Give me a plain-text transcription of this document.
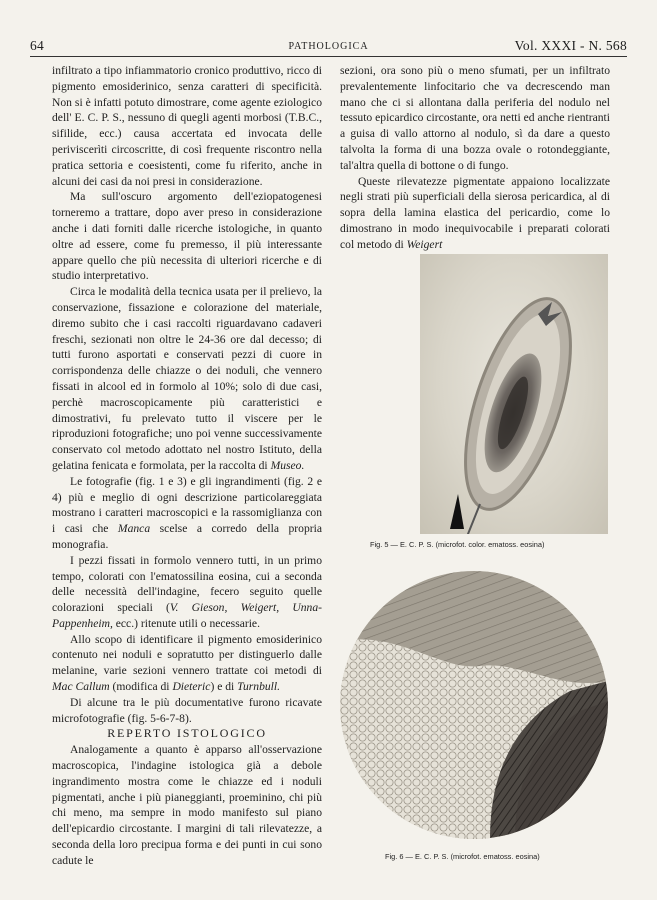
64	PATHOLOGICA	Vol. XXXI - N. 568

infiltrato a tipo infiammatorio cronico produttivo, ricco di pigmento emosiderinico, senza caratteri di specificità. Non si è infatti potuto dimostrare, come agente eziologico dell' E. C. P. S., nessuno di quegli agenti morbosi (T.B.C., sifilide, ecc.) causa accertata ed invocata delle periviscerìti circoscritte, di così frequente riscontro nella pratica settoria e coesistenti, come fu riferito, anche in alcuni dei casi da noi presi in considerazione.

Ma sull'oscuro argomento dell'eziopatogenesi torneremo a trattare, dopo aver preso in considerazione anche i dati forniti dalle ricerche istologiche, in quanto oltre ad essere, come fu premesso, il più interessante appare quello che più necessita di ulteriori ricerche e di studio interpretativo.

Circa le modalità della tecnica usata per il prelievo, la conservazione, fissazione e colorazione del materiale, diremo subito che i casi raccolti riguardavano cadaveri freschi, sezionati non oltre le 24-36 ore dal decesso; di tutti furono asportati e conservati pezzi di cuore in corrispondenza delle chiazze o dei noduli, che vennero fissati in alcool ed in formolo al 10%; solo di due casi, perchè macroscopicamente più caratteristici e dimostrativi, fu prelevato tutto il viscere per le riproduzioni fotografiche; uno poi venne successivamente conservato col metodo adottato nel nostro Istituto, della gelatina fenicata e formolata, per la raccolta di Museo.

Le fotografie (fig. 1 e 3) e gli ingrandimenti (fig. 2 e 4) più e meglio di ogni descrizione particolareggiata mostrano i caratteri macroscopici e la rassomiglianza con i casi che Manca scelse a corredo della propria monografia.

I pezzi fissati in formolo vennero tutti, in un primo tempo, colorati con l'ematossilina eosina, cui a seconda delle necessità dell'indagine, fecero seguito quelle colorazioni speciali (V. Gieson, Weigert, Unna-Pappenheim, ecc.) ritenute utili o necessarie.

Allo scopo di identificare il pigmento emosiderinico contenuto nei noduli e sopratutto per distinguerlo dalle melanine, varie sezioni vennero trattate coi metodi di Mac Callum (modifica di Dieteric) e di Turnbull.

Di alcune tra le più documentative furono ricavate microfotografie (fig. 5-6-7-8).

REPERTO ISTOLOGICO

Analogamente a quanto è apparso all'osservazione macroscopica, l'indagine istologica già a debole ingrandimento mostra come le chiazze ed i noduli pigmentati, anche i più pianeggianti, proeminino, chi più chi meno, ma sempre in modo manifesto sul piano dell'epicardio circostante. I margini di tali rilevatezze, a seconda della loro precipua forma e dei punti in cui sono cadute le

sezioni, ora sono più o meno sfumati, per un infiltrato prevalentemente linfocitario che va decrescendo man mano che ci si allontana dalla periferia del nodulo nel tessuto epicardico circostante, ora netti ed anche rientranti a guisa di vallo attorno al nodulo, sì da dare a questo talvolta la forma di una bozza ovale o rotondeggiante, tal'altra quella di bottone o di fungo.

Queste rilevatezze pigmentate appaiono localizzate negli strati più superficiali della sierosa pericardica, al di sopra della lamina elastica del pericardio, come lo dimostrano in modo inequivocabile i preparati colorati col metodo di Weigert

Fig. 5 — E. C. P. S. (microfot. color. ematoss. eosina)
Fig. 6 — E. C. P. S. (microfot. ematoss. eosina)
